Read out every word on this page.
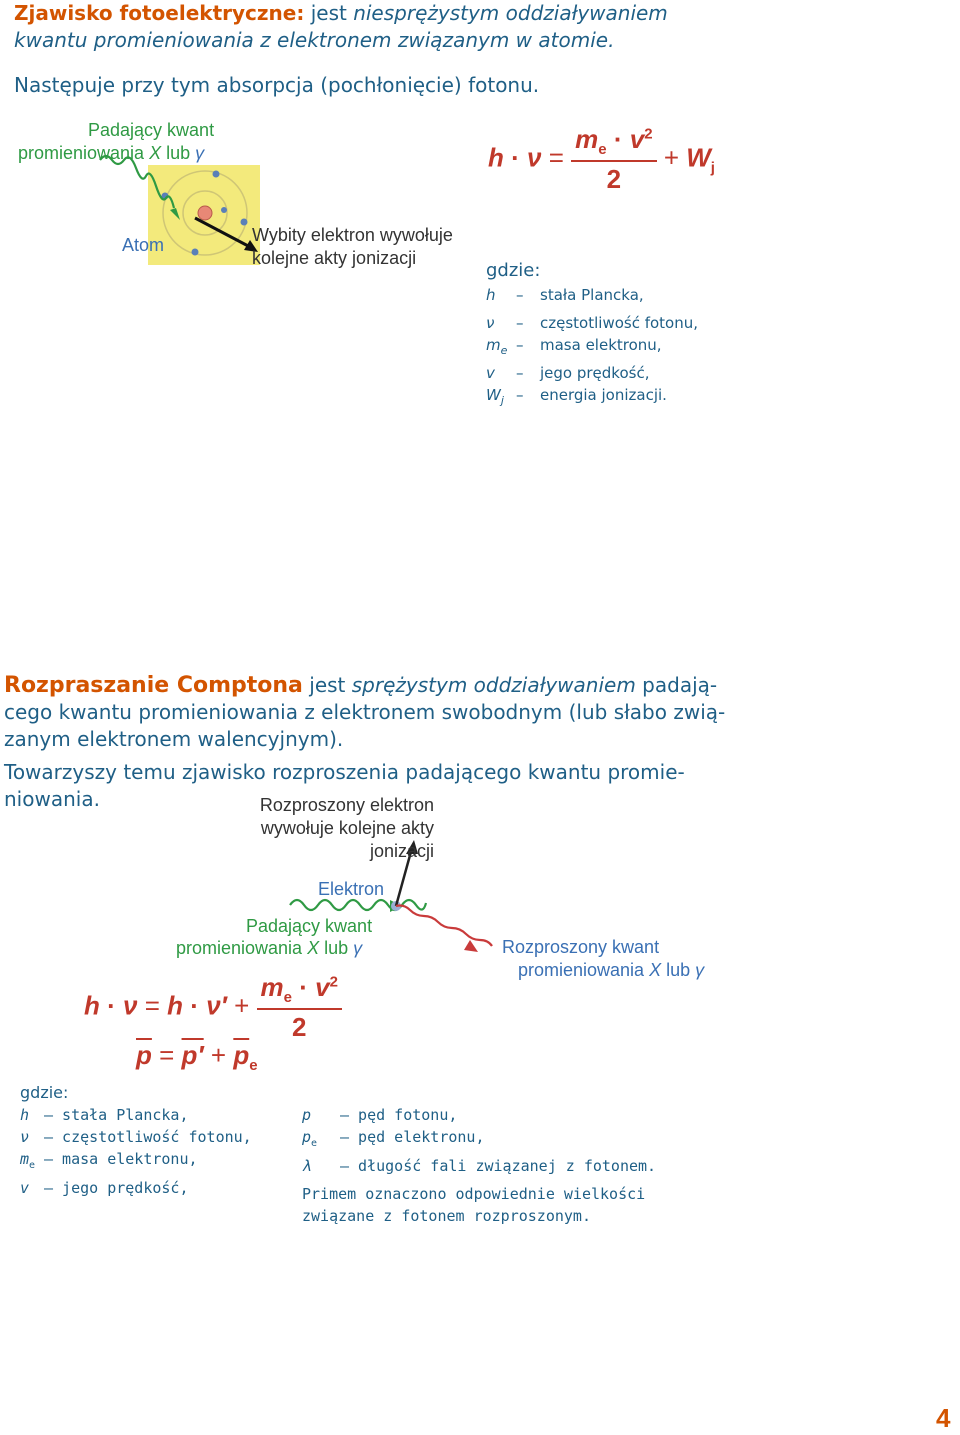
Zjawisko fotoelektryczne: jest niesprężystym oddziaływaniem
kwantu promieniowania z elektronem związanym w atomie.
Następuje przy tym absorpcja (pochłonięcie) fotonu.
Padający kwant
promieniowania X lub γ
Atom	Wybity elektron wywołuje
kolejne akty jonizacji
$h \cdot \nu = \frac{m_e \cdot v^2}{2} + W_j$
gdzie:
h – stała Plancka,
ν – częstotliwość fotonu,
$m_e$ – masa elektronu,
v – jego prędkość,
$W_j$ – energia jonizacji.
Rozpraszanie Comptona jest sprężystym oddziaływaniem padają-
cego kwantu promieniowania z elektronem swobodnym (lub słabo zwią-
zanym elektronem walencyjnym).
Towarzyszy temu zjawisko rozproszenia padającego kwantu promie-
niowania.	Rozproszony elektron
wywołuje kolejne akty
jonizacji
Elektron
Padający kwant
promieniowania X lub γ	Rozproszony kwant
promieniowania X lub γ
$h \cdot \nu = h \cdot \nu' + \frac{m_e \cdot v^2}{2}$
$\overline{p} = p' + \overline{p}_e$
gdzie:
h – stała Plancka,
ν – częstotliwość fotonu,
$m_e$ – masa elektronu,
v – jego prędkość,
p – pęd fotonu,
$p_e$ – pęd elektronu,
λ – długość fali związanej z fotonem.
Primem oznaczono odpowiednie wielkości
związane z fotonem rozproszonym.
4
